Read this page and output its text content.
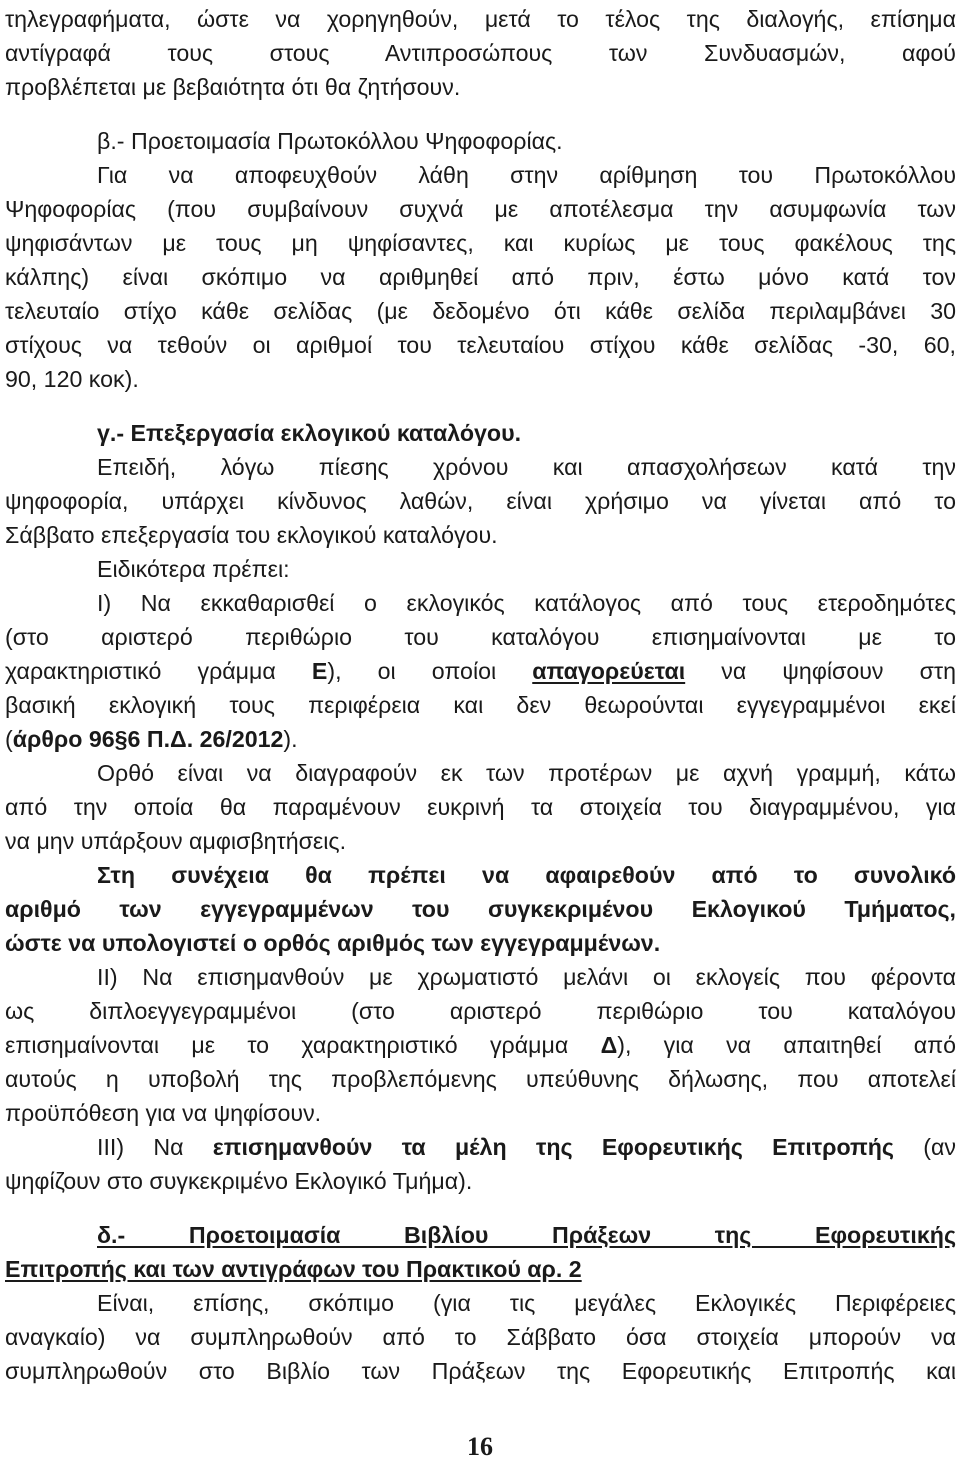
τηλεγραφήματα, ώστε να χορηγηθούν, μετά το τέλος της διαλογής, επίσημα
αντίγραφά τους στους Αντιπροσώπους των Συνδυασμών, αφού
προβλέπεται με βεβαιότητα ότι θα ζητήσουν.
β.- Προετοιμασία Πρωτοκόλλου Ψηφοφορίας.
Για να αποφευχθούν λάθη στην αρίθμηση του Πρωτοκόλλου
Ψηφοφορίας (που συμβαίνουν συχνά με αποτέλεσμα την ασυμφωνία των
ψηφισάντων με τους μη ψηφίσαντες, και κυρίως με τους φακέλους της
κάλπης) είναι σκόπιμο να αριθμηθεί από πριν, έστω μόνο κατά τον
τελευταίο στίχο κάθε σελίδας (με δεδομένο ότι κάθε σελίδα περιλαμβάνει 30
στίχους να τεθούν οι αριθμοί του τελευταίου στίχου κάθε σελίδας -30, 60,
90, 120 κοκ).
γ.- Επεξεργασία εκλογικού καταλόγου.
Επειδή, λόγω πίεσης χρόνου και απασχολήσεων κατά την
ψηφοφορία, υπάρχει κίνδυνος λαθών, είναι χρήσιμο να γίνεται από το
Σάββατο επεξεργασία του εκλογικού καταλόγου.
Ειδικότερα πρέπει:
Ι) Να εκκαθαρισθεί ο εκλογικός κατάλογος από τους ετεροδημότες
(στο αριστερό περιθώριο του καταλόγου επισημαίνονται με το
χαρακτηριστικό γράμμα Ε), οι οποίοι απαγορεύεται να ψηφίσουν στη
βασική εκλογική τους περιφέρεια και δεν θεωρούνται εγγεγραμμένοι εκεί
(άρθρο 96§6 Π.Δ. 26/2012).
Ορθό είναι να διαγραφούν εκ των προτέρων με αχνή γραμμή, κάτω
από την οποία θα παραμένουν ευκρινή τα στοιχεία του διαγραμμένου, για
να μην υπάρξουν αμφισβητήσεις.
Στη συνέχεια θα πρέπει να αφαιρεθούν από το συνολικό
αριθμό των εγγεγραμμένων του συγκεκριμένου Εκλογικού Τμήματος,
ώστε να υπολογιστεί ο ορθός αριθμός των εγγεγραμμένων.
ΙΙ) Να επισημανθούν με χρωματιστό μελάνι οι εκλογείς που φέροντα
ως διπλοεγγεγραμμένοι (στο αριστερό περιθώριο του καταλόγου
επισημαίνονται με το χαρακτηριστικό γράμμα Δ), για να απαιτηθεί από
αυτούς η υποβολή της προβλεπόμενης υπεύθυνης δήλωσης, που αποτελεί
προϋπόθεση για να ψηφίσουν.
ΙΙΙ) Να επισημανθούν τα μέλη της Εφορευτικής Επιτροπής (αν
ψηφίζουν στο συγκεκριμένο Εκλογικό Τμήμα).
δ.- Προετοιμασία Βιβλίου Πράξεων της Εφορευτικής
Επιτροπής και των αντιγράφων του Πρακτικού αρ. 2
Είναι, επίσης, σκόπιμο (για τις μεγάλες Εκλογικές Περιφέρειες
αναγκαίο) να συμπληρωθούν από το Σάββατο όσα στοιχεία μπορούν να
συμπληρωθούν στο Βιβλίο των Πράξεων της Εφορευτικής Επιτροπής και
16
